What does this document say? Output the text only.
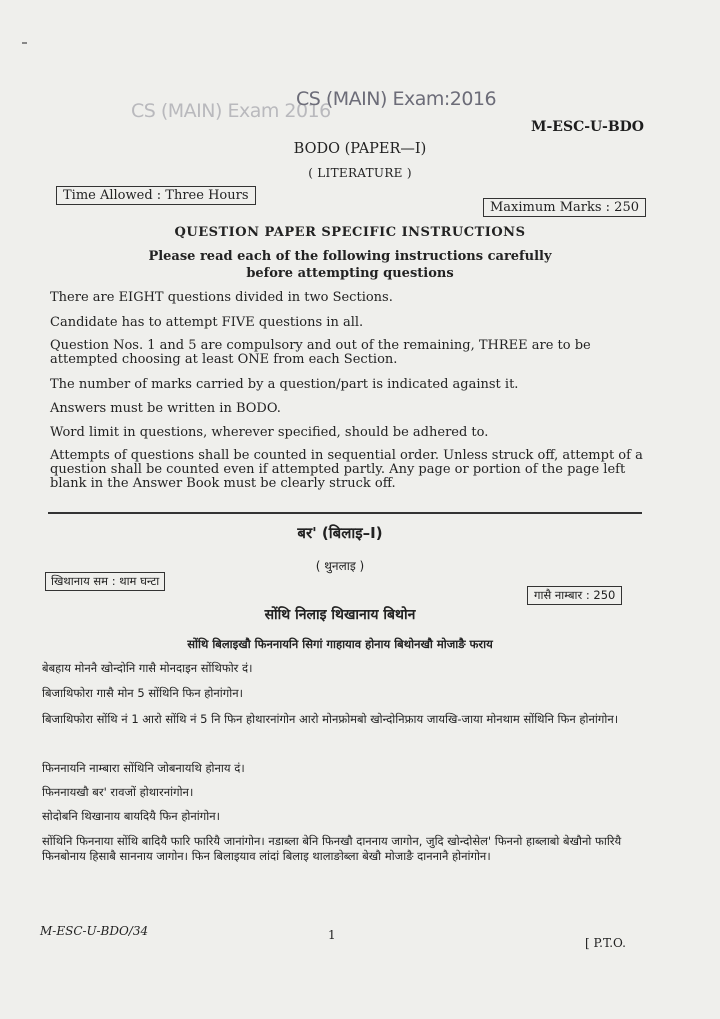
CS (MAIN) Exam 2016
CS (MAIN) Exam:2016
M-ESC-U-BDO
BODO (PAPER—I)
( LITERATURE )
Time Allowed : Three Hours
Maximum Marks : 250
QUESTION PAPER SPECIFIC INSTRUCTIONS
Please read each of the following instructions carefully
before attempting questions
There are EIGHT questions divided in two Sections.
Candidate has to attempt FIVE questions in all.
Question Nos. 1 and 5 are compulsory and out of the remaining, THREE are to be attempted choosing at least ONE from each Section.
The number of marks carried by a question/part is indicated against it.
Answers must be written in BODO.
Word limit in questions, wherever specified, should be adhered to.
Attempts of questions shall be counted in sequential order. Unless struck off, attempt of a question shall be counted even if attempted partly. Any page or portion of the page left blank in the Answer Book must be clearly struck off.
बर' (बिलाइ–I)
( थुनलाइ )
खिथानाय सम : थाम घन्टा
गासै नाम्बार : 250
सोंथि निलाइ थिखानाय बिथोन
सोंथि बिलाइखौ फिननायनि सिगां गाहायाव होनाय बिथोनखौ मोजाङै फराय
बेबहाय मोननै खोन्दोनि गासै मोनदाइन सोंथिफोर दं।
बिजाथिफोरा गासै मोन 5 सोंथिनि फिन होनांगोन।
बिजाथिफोरा सोंथि नं 1 आरो सोंथि नं 5 नि फिन होथारनांगोन आरो मोनफ्रोमबो खोन्दोनिफ्राय जायखि-जाया मोनथाम सोंथिनि फिन होनांगोन।
फिननायनि नाम्बारा सोंथिनि जोबनायथि होनाय दं।
फिननायखौ बर' रावजों होथारनांगोन।
सोदोबनि थिखानाय बायदियै फिन होनांगोन।
सोंथिनि फिननाया सोंथि बादियै फारि फारियै जानांगोन। नडाब्ला बेनि फिनखौ दाननाय जागोन, जुदि खोन्दोसेल' फिननो हाब्लाबो बेखौनो फारियै फिनबोनाय हिसाबै साननाय जागोन। फिन बिलाइयाव लांदां बिलाइ थालाङोब्ला बेखौ मोजाङै दाननानै होनांगोन।
M-ESC-U-BDO/34	1
[ P.T.O.
